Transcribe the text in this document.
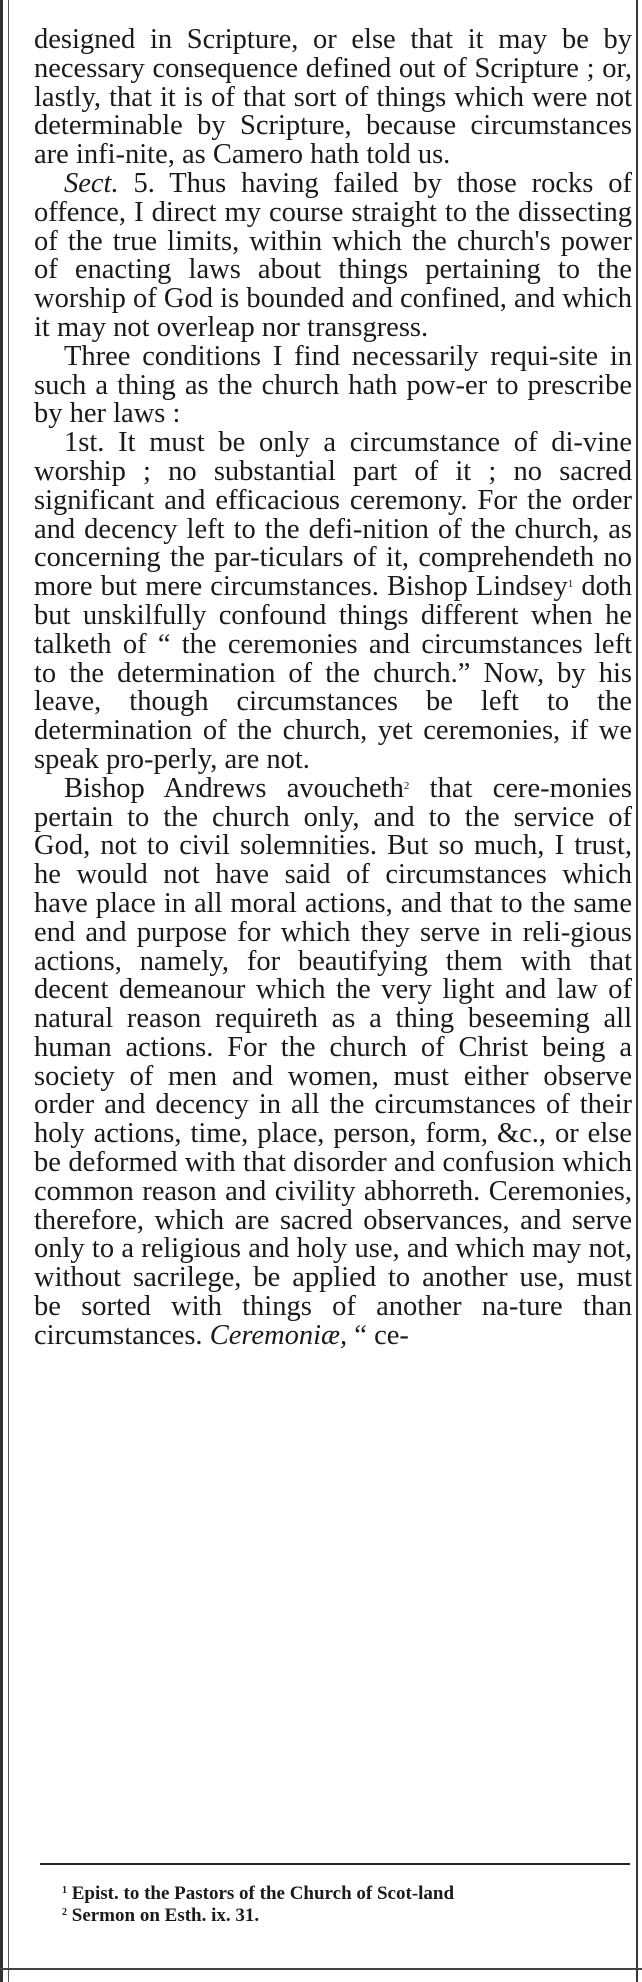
designed in Scripture, or else that it may be by necessary consequence defined out of Scripture ; or, lastly, that it is of that sort of things which were not determinable by Scripture, because circumstances are infi-nite, as Camero hath told us.

Sect. 5. Thus having failed by those rocks of offence, I direct my course straight to the dissecting of the true limits, within which the church's power of enacting laws about things pertaining to the worship of God is bounded and confined, and which it may not overleap nor transgress.

Three conditions I find necessarily requi-site in such a thing as the church hath pow-er to prescribe by her laws :

1st. It must be only a circumstance of di-vine worship ; no substantial part of it ; no sacred significant and efficacious ceremony. For the order and decency left to the defi-nition of the church, as concerning the par-ticulars of it, comprehendeth no more but mere circumstances. Bishop Lindsey$^1$ doth but unskilfully confound things different when he talketh of “ the ceremonies and circumstances left to the determination of the church.” Now, by his leave, though circumstances be left to the determination of the church, yet ceremonies, if we speak pro-perly, are not.

Bishop Andrews avoucheth$^2$ that cere-monies pertain to the church only, and to the service of God, not to civil solemnities. But so much, I trust, he would not have said of circumstances which have place in all moral actions, and that to the same end and purpose for which they serve in reli-gious actions, namely, for beautifying them with that decent demeanour which the very light and law of natural reason requireth as a thing beseeming all human actions. For the church of Christ being a society of men and women, must either observe order and decency in all the circumstances of their holy actions, time, place, person, form, &c., or else be deformed with that disorder and confusion which common reason and civility abhorreth. Ceremonies, therefore, which are sacred observances, and serve only to a religious and holy use, and which may not, without sacrilege, be applied to another use, must be sorted with things of another na-ture than circumstances. Ceremoniæ, “ ce-

$^1$ Epist. to the Pastors of the Church of Scot-land

$^2$ Sermon on Esth. ix. 31.
